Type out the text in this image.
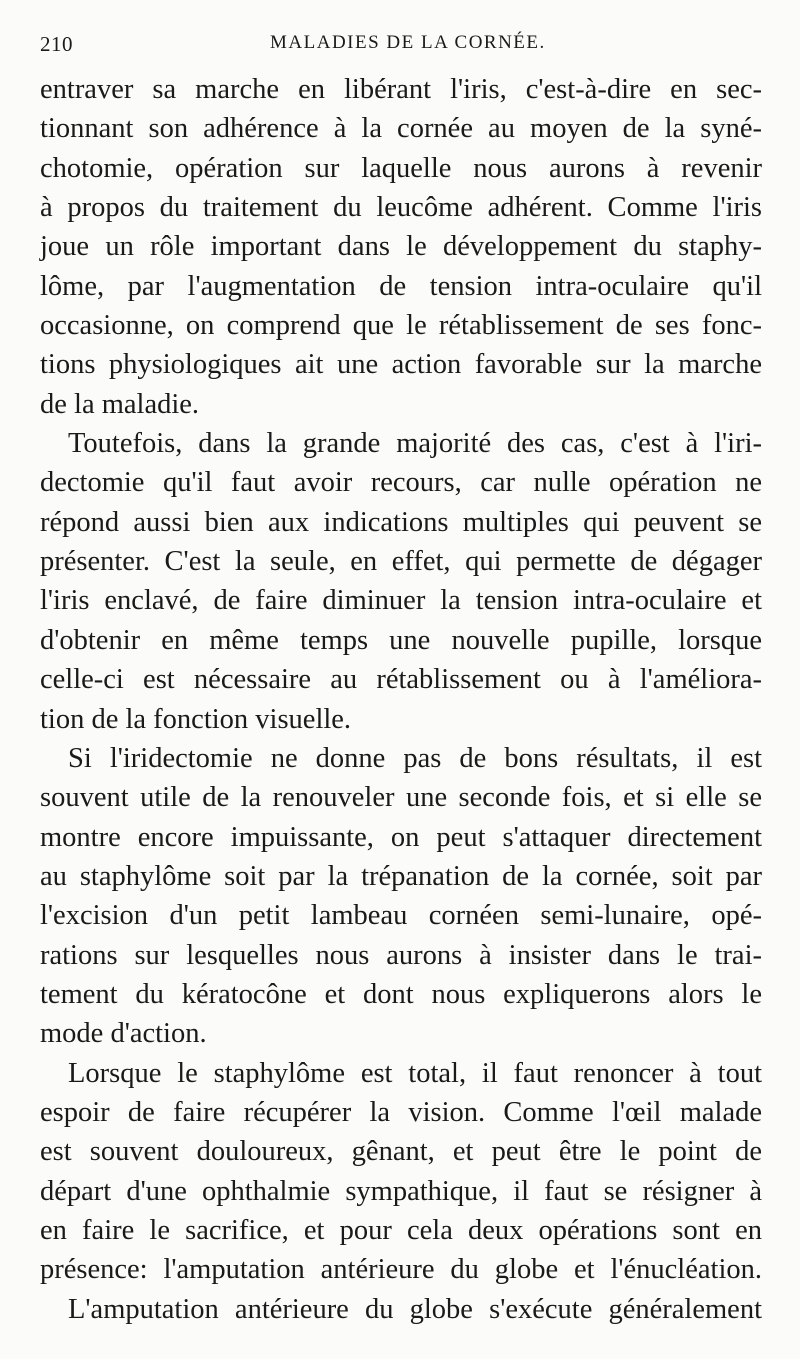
210	MALADIES DE LA CORNÉE.
entraver sa marche en libérant l'iris, c'est-à-dire en sec-
tionnant son adhérence à la cornée au moyen de la syné-
chotomie, opération sur laquelle nous aurons à revenir
à propos du traitement du leucôme adhérent. Comme l'iris
joue un rôle important dans le développement du staphy-
lôme, par l'augmentation de tension intra-oculaire qu'il
occasionne, on comprend que le rétablissement de ses fonc-
tions physiologiques ait une action favorable sur la marche
de la maladie.
Toutefois, dans la grande majorité des cas, c'est à l'iri-
dectomie qu'il faut avoir recours, car nulle opération ne
répond aussi bien aux indications multiples qui peuvent se
présenter. C'est la seule, en effet, qui permette de dégager
l'iris enclavé, de faire diminuer la tension intra-oculaire et
d'obtenir en même temps une nouvelle pupille, lorsque
celle-ci est nécessaire au rétablissement ou à l'améliora-
tion de la fonction visuelle.
Si l'iridectomie ne donne pas de bons résultats, il est
souvent utile de la renouveler une seconde fois, et si elle se
montre encore impuissante, on peut s'attaquer directement
au staphylôme soit par la trépanation de la cornée, soit par
l'excision d'un petit lambeau cornéen semi-lunaire, opé-
rations sur lesquelles nous aurons à insister dans le trai-
tement du kératocône et dont nous expliquerons alors le
mode d'action.
Lorsque le staphylôme est total, il faut renoncer à tout
espoir de faire récupérer la vision. Comme l'œil malade
est souvent douloureux, gênant, et peut être le point de
départ d'une ophthalmie sympathique, il faut se résigner à
en faire le sacrifice, et pour cela deux opérations sont en
présence: l'amputation antérieure du globe et l'énucléation.
L'amputation antérieure du globe s'exécute généralement
